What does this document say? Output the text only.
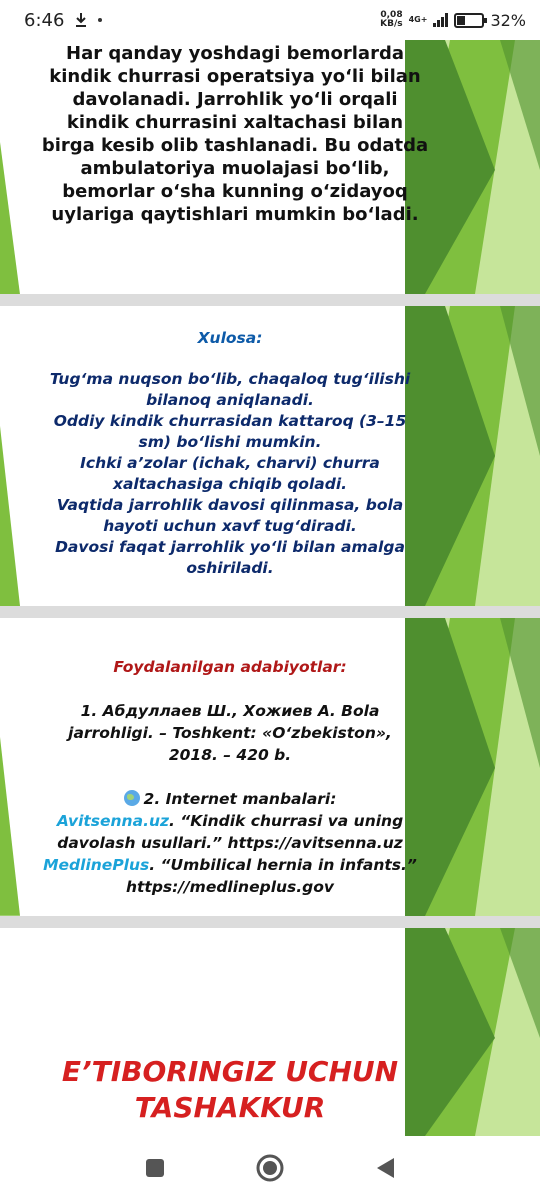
6:46	0,08
KB/s 4G+	32%

Har qanday yoshdagi bemorlarda

kindik churrasi operatsiya yo‘li bilan

davolanadi. Jarrohlik yo‘li orqali

kindik churrasini xaltachasi bilan

birga kesib olib tashlanadi. Bu odatda

ambulatoriya muolajasi bo‘lib,

bemorlar o‘sha kunning o‘zidayoq

uylariga qaytishlari mumkin bo‘ladi.

Xulosa:
Tug‘ma nuqson bo‘lib, chaqaloq tug‘ilishi
bilanoq aniqlanadi.
Oddiy kindik churrasidan kattaroq (3–15
sm) bo‘lishi mumkin.
Ichki a’zolar (ichak, charvi) churra
xaltachasiga chiqib qoladi.
Vaqtida jarrohlik davosi qilinmasa, bola
hayoti uchun xavf tug‘diradi.
Davosi faqat jarrohlik yo‘li bilan amalga
oshiriladi.
Foydalanilgan adabiyotlar:
1. Абдуллаев Ш., Хожиев А. Bola
jarrohligi. – Toshkent: «O‘zbekiston»,
2018. – 420 b.
2. Internet manbalari:
Avitsenna.uz. “Kindik churrasi va uning
davolash usullari.” https://avitsenna.uz
MedlinePlus. “Umbilical hernia in infants.”
https://medlineplus.gov

E’TIBORINGIZ UCHUN

TASHAKKUR
